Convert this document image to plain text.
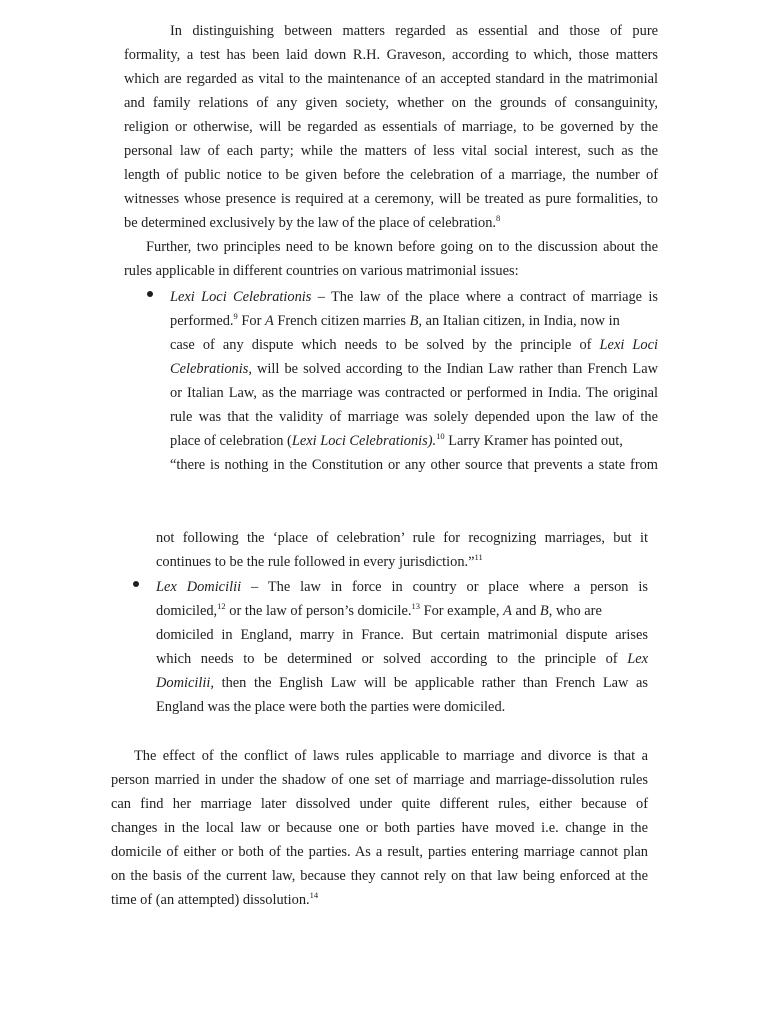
In distinguishing between matters regarded as essential and those of pure
formality, a test has been laid down R.H. Graveson, according to which, those matters
which are regarded as vital to the maintenance of an accepted standard in the matrimonial
and family relations of any given society, whether on the grounds of consanguinity,
religion or otherwise, will be regarded as essentials of marriage, to be governed by the
personal law of each party; while the matters of less vital social interest, such as the
length of public notice to be given before the celebration of a marriage, the number of
witnesses whose presence is required at a ceremony, will be treated as pure formalities, to
be determined exclusively by the law of the place of celebration.$^8$
Further, two principles need to be known before going on to the discussion about the
rules applicable in different countries on various matrimonial issues:
Lexi Loci Celebrationis – The law of the place where a contract of marriage is
performed.$^9$ For A French citizen marries B, an Italian citizen, in India, now in
case of any dispute which needs to be solved by the principle of Lexi Loci
Celebrationis, will be solved according to the Indian Law rather than French Law
or Italian Law, as the marriage was contracted or performed in India. The original
rule was that the validity of marriage was solely depended upon the law of the
place of celebration (Lexi Loci Celebrationis).$^{10}$ Larry Kramer has pointed out,
“there is nothing in the Constitution or any other source that prevents a state from
not following the ‘place of celebration’ rule for recognizing marriages, but it
continues to be the rule followed in every jurisdiction.”$^{11}$
Lex Domicilii – The law in force in country or place where a person is
domiciled,$^{12}$ or the law of person’s domicile.$^{13}$ For example, A and B, who are
domiciled in England, marry in France. But certain matrimonial dispute arises
which needs to be determined or solved according to the principle of Lex
Domicilii, then the English Law will be applicable rather than French Law as
England was the place were both the parties were domiciled.
The effect of the conflict of laws rules applicable to marriage and divorce is that a
person married in under the shadow of one set of marriage and marriage-dissolution rules
can find her marriage later dissolved under quite different rules, either because of
changes in the local law or because one or both parties have moved i.e. change in the
domicile of either or both of the parties. As a result, parties entering marriage cannot plan
on the basis of the current law, because they cannot rely on that law being enforced at the
time of (an attempted) dissolution.$^{14}$
